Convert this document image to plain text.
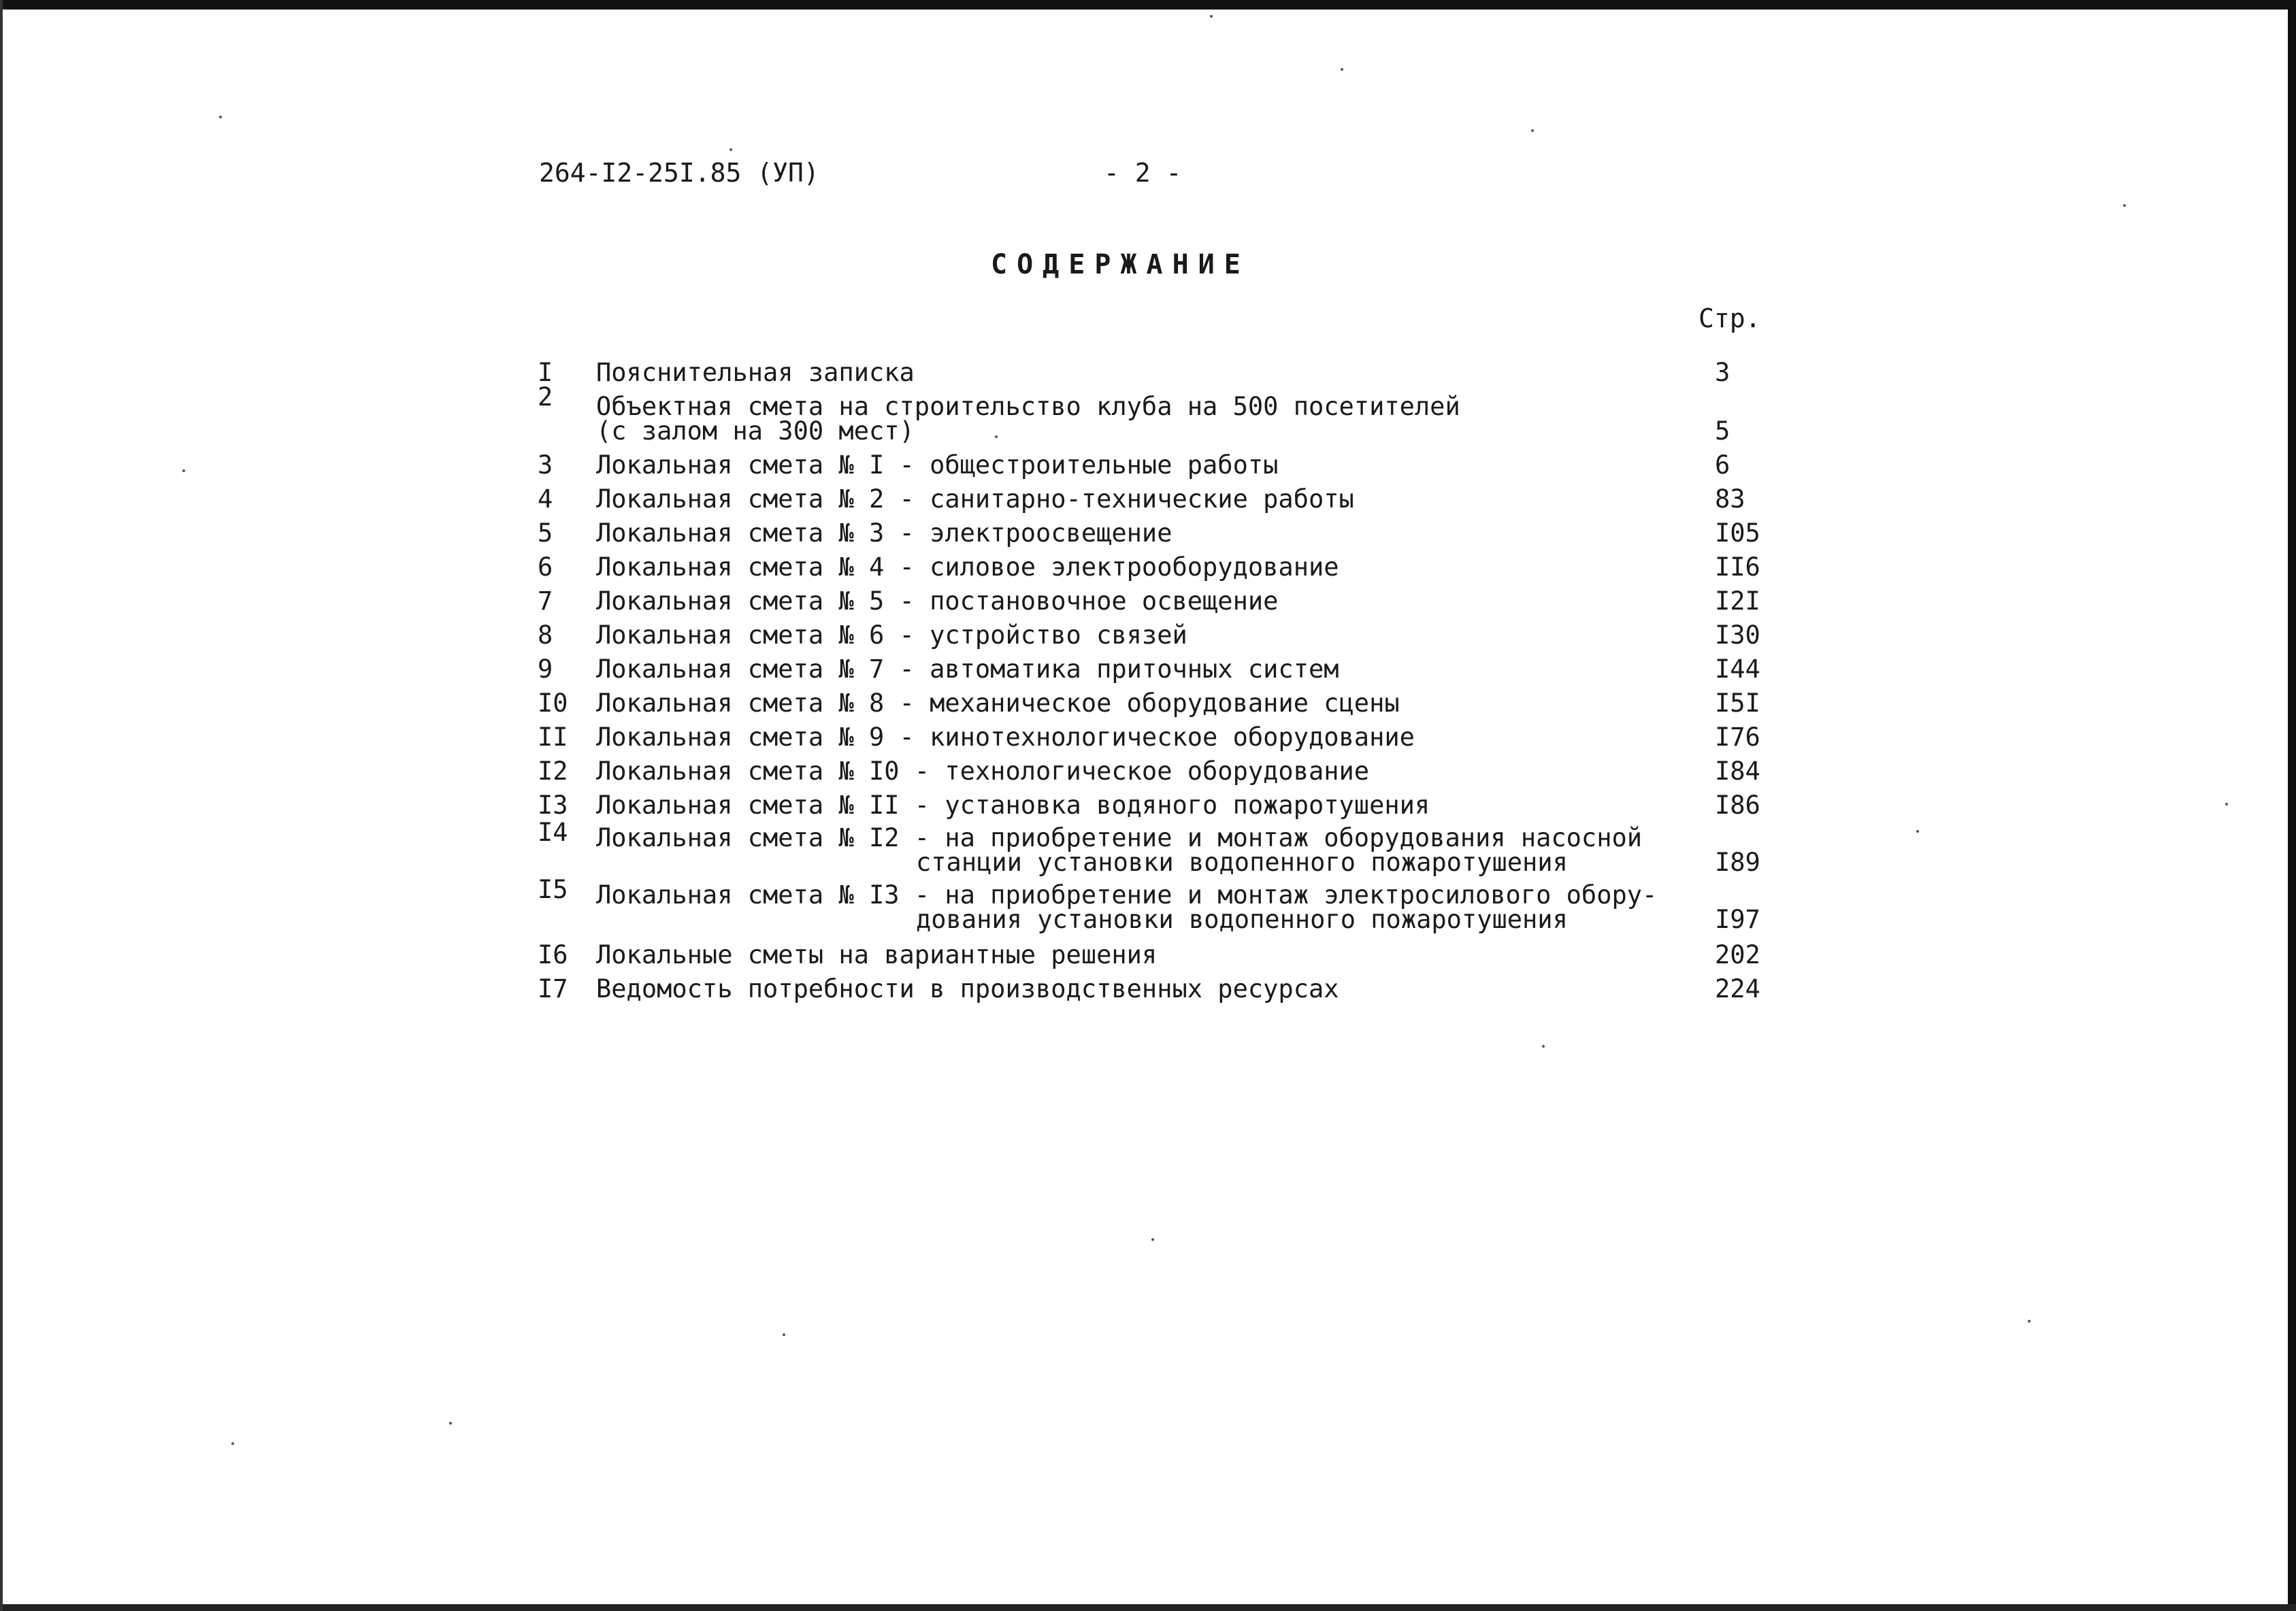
264-I2-25I.85 (УП)	- 2 -
СОДЕРЖАНИЕ
Стр.
I	Пояснительная записка	3
2	Объектная смета на строительство клуба на 500 посетителей
(с залом на 300 мест)	5
3	Локальная смета № I - общестроительные работы	6
4	Локальная смета № 2 - санитарно-технические работы	83
5	Локальная смета № 3 - электроосвещение	I05
6	Локальная смета № 4 - силовое электрооборудование	II6
7	Локальная смета № 5 - постановочное освещение	I2I
8	Локальная смета № 6 - устройство связей	I30
9	Локальная смета № 7 - автоматика приточных систем	I44
I0	Локальная смета № 8 - механическое оборудование сцены	I5I
II	Локальная смета № 9 - кинотехнологическое оборудование	I76
I2	Локальная смета № I0 - технологическое оборудование	I84
I3	Локальная смета № II - установка водяного пожаротушения	I86
I4	Локальная смета № I2 - на приобретение и монтаж оборудования насосной
станции установки водопенного пожаротушения	I89
I5	Локальная смета № I3 - на приобретение и монтаж электросилового обору-
дования установки водопенного пожаротушения	I97
I6	Локальные сметы на вариантные решения	202
I7	Ведомость потребности в производственных ресурсах	224
